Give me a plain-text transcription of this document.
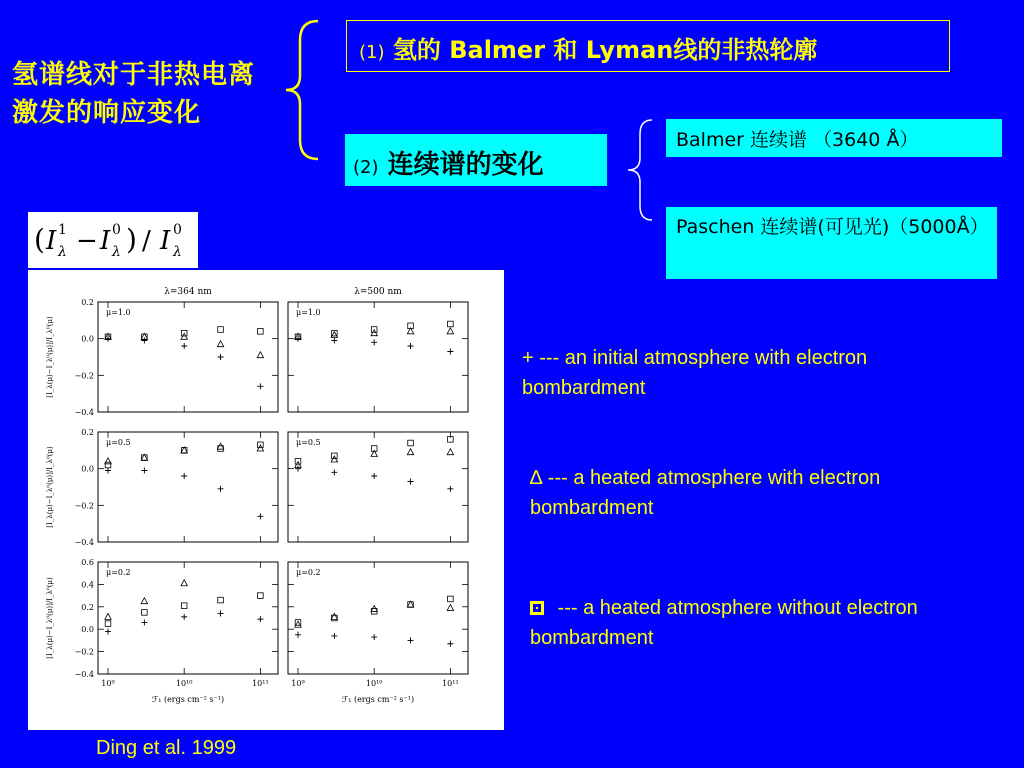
氢谱线对于非热电离激发的响应变化
(1) 氢的 Balmer 和 Lyman线的非热轮廓
(2) 连续谱的变化
Balmer 连续谱 （3640 Å）
Paschen 连续谱(可见光)（5000Å）
( I 1
λ − I 0
λ ) / I 0
λ
λ=364 nm	λ=500 nm
[I_λ(μ)−I_λ⁰(μ)]/I_λ⁰(μ)
0.2
0.0
−0.2
−0.4
μ=1.0	μ=1.0
[I_λ(μ)−I_λ⁰(μ)]/I_λ⁰(μ)
0.2
0.0
−0.2
−0.4
μ=0.5	μ=0.5
[I_λ(μ)−I_λ⁰(μ)]/I_λ⁰(μ)
0.6
0.4
0.2
0.0
−0.2
−0.4
10⁹	10¹⁰	10¹¹
μ=0.2
ℱ₁ (ergs cm⁻² s⁻¹)
10⁹	10¹⁰	10¹¹
μ=0.2
ℱ₁ (ergs cm⁻² s⁻¹)
+ --- an initial atmosphere with electron bombardment
∆ --- a heated atmosphere with electron bombardment
--- a heated atmosphere without electron bombardment
Ding et al. 1999
